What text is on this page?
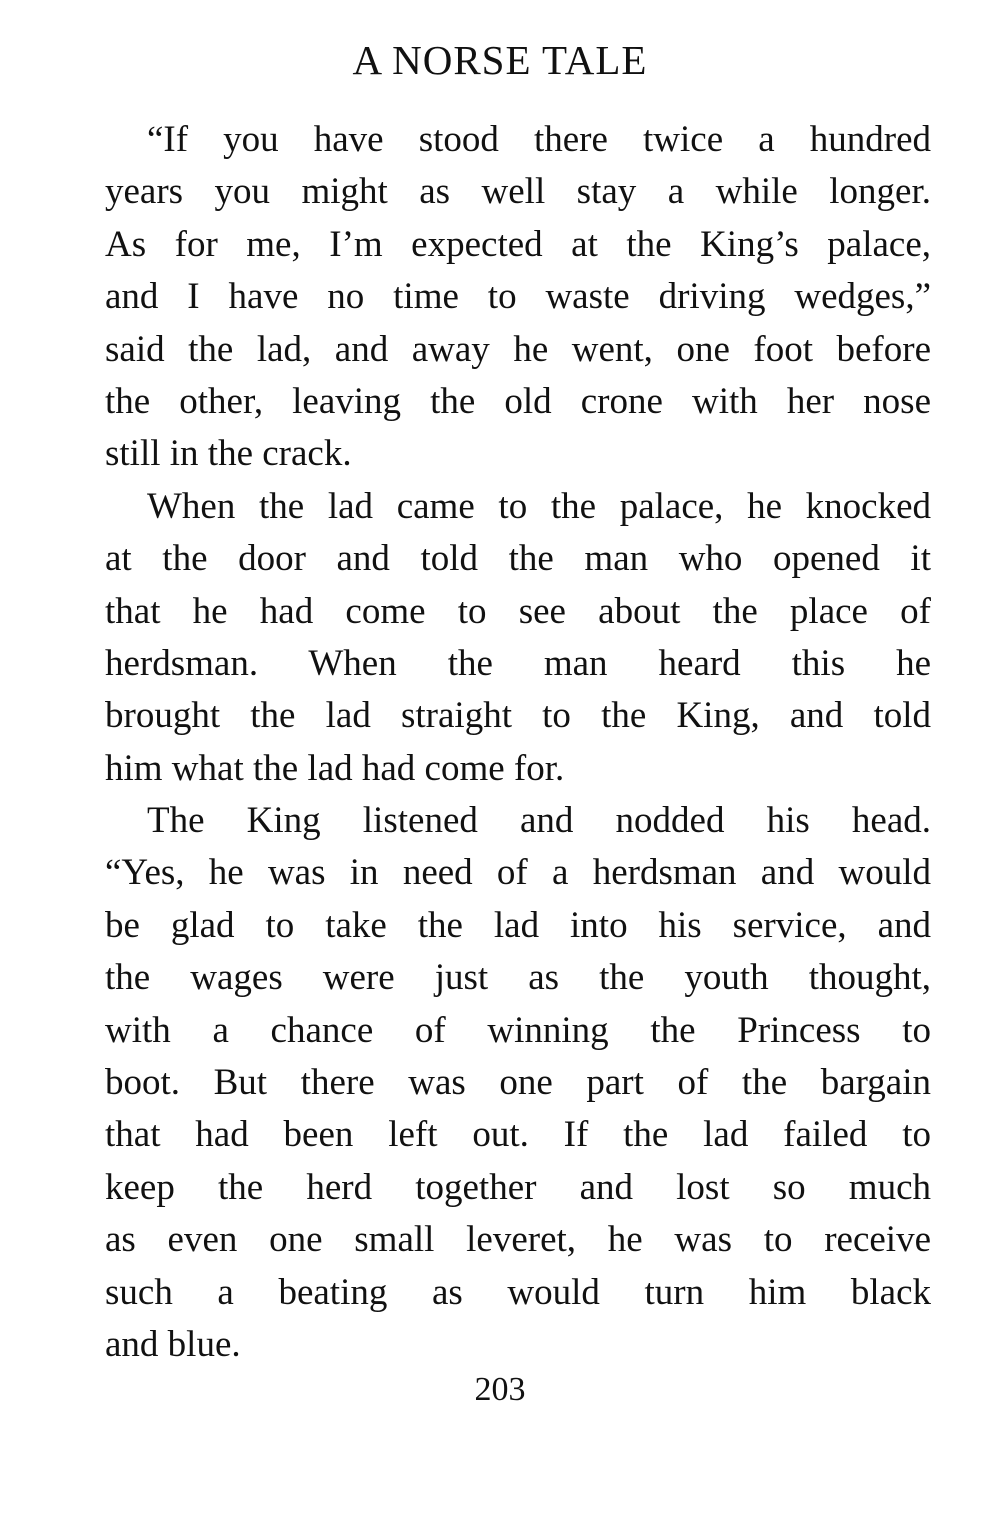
A NORSE TALE
“If you have stood there twice a hundred
years you might as well stay a while longer.
As for me, I’m expected at the King’s palace,
and I have no time to waste driving wedges,”
said the lad, and away he went, one foot before
the other, leaving the old crone with her nose
still in the crack.
When the lad came to the palace, he knocked
at the door and told the man who opened it
that he had come to see about the place of
herdsman. When the man heard this he
brought the lad straight to the King, and told
him what the lad had come for.
The King listened and nodded his head.
“Yes, he was in need of a herdsman and would
be glad to take the lad into his service, and
the wages were just as the youth thought,
with a chance of winning the Princess to
boot. But there was one part of the bargain
that had been left out. If the lad failed to
keep the herd together and lost so much
as even one small leveret, he was to receive
such a beating as would turn him black
and blue.
203
